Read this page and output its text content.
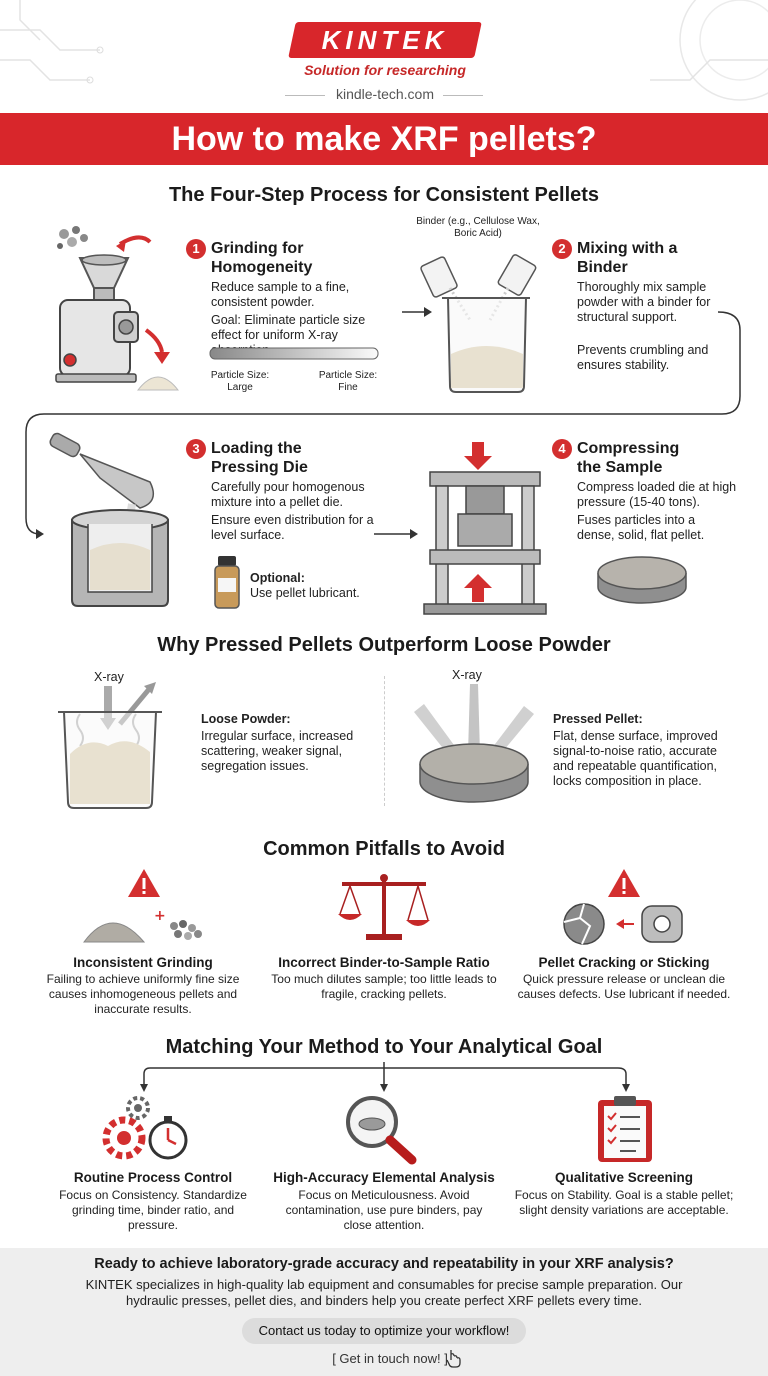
KINTEK
Solution for researching
kindle-tech.com
How to make XRF pellets?
The Four-Step Process for Consistent Pellets
1 Grinding for Homogeneity
Reduce sample to a fine, consistent powder.
Goal: Eliminate particle size effect for uniform X-ray
Particle Size: Large
Particle Size: Fine
Binder (e.g., Cellulose Wax, Boric Acid)
2 Mixing with a Binder
Thoroughly mix sample powder with a binder for structural support.
Prevents crumbling and ensures stability.
3 Loading the Pressing Die
Carefully pour homogenous mixture into a pellet die.
Ensure even distribution for a level surface.
Optional:
Use pellet lubricant.
4 Compressing the Sample
Compress loaded die at high pressure (15-40 tons).
Fuses particles into a dense, solid, flat pellet.
Why Pressed Pellets Outperform Loose Powder
X-ray
Loose Powder:
Irregular surface, increased scattering, weaker signal, segregation issues.
X-ray
Pressed Pellet:
Flat, dense surface, improved signal-to-noise ratio, accurate and repeatable quantification, locks composition in place.
Common Pitfalls to Avoid
+
Inconsistent Grinding
Failing to achieve uniformly fine size causes inhomogeneous pellets and inaccurate results.
Incorrect Binder-to-Sample Ratio
Too much dilutes sample; too little leads to fragile, cracking pellets.
Pellet Cracking or Sticking
Quick pressure release or unclean die causes defects. Use lubricant if needed.
Matching Your Method to Your Analytical Goal
Routine Process Control
Focus on Consistency. Standardize grinding time, binder ratio, and pressure.
High-Accuracy Elemental Analysis
Focus on Meticulousness. Avoid contamination, use pure binders, pay close attention.
Qualitative Screening
Focus on Stability. Goal is a stable pellet; slight density variations are acceptable.
Ready to achieve laboratory-grade accuracy and repeatability in your XRF analysis?
KINTEK specializes in high-quality lab equipment and consumables for precise sample preparation. Our hydraulic presses, pellet dies, and binders help you create perfect XRF pellets every time.
Contact us today to optimize your workflow!
[ Get in touch now! ]
